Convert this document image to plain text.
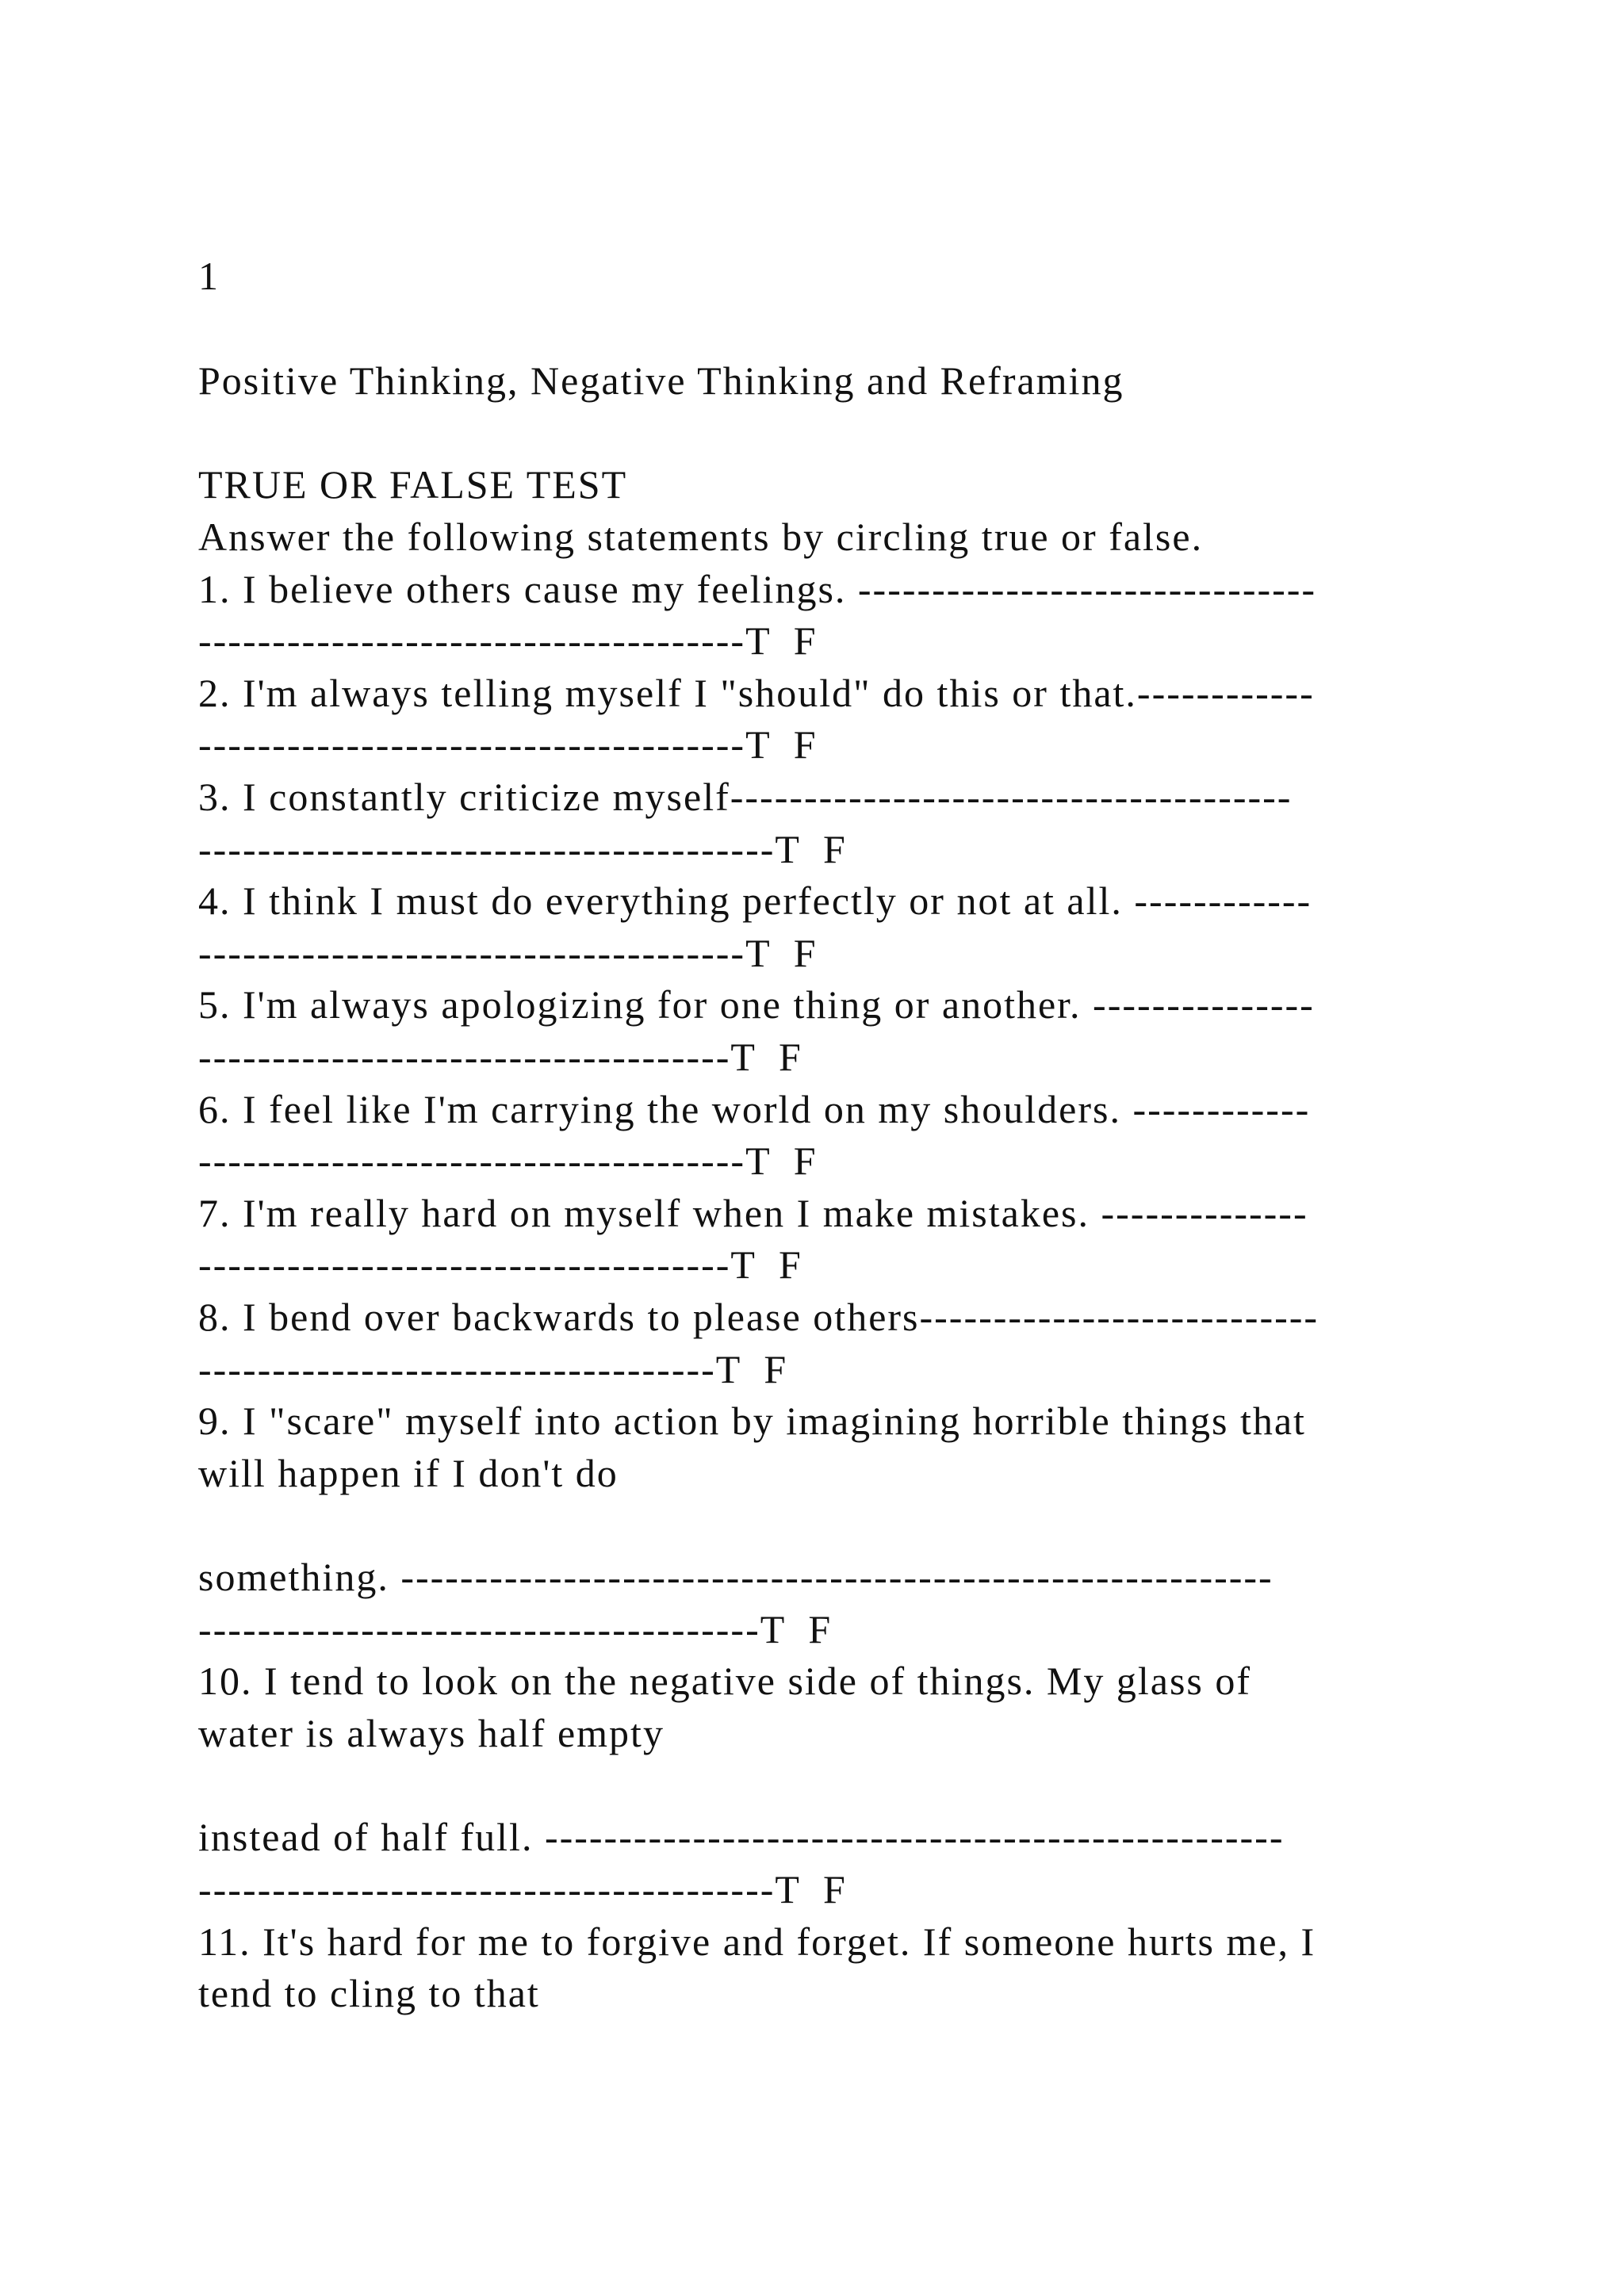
1
Positive Thinking, Negative Thinking and Reframing
TRUE OR FALSE TEST
Answer the following statements by circling true or false.
1. I believe others cause my feelings. -------------------------------
-------------------------------------T  F
2. I'm always telling myself I "should" do this or that.------------
-------------------------------------T  F
3. I constantly criticize myself--------------------------------------
---------------------------------------T  F
4. I think I must do everything perfectly or not at all. ------------
-------------------------------------T  F
5. I'm always apologizing for one thing or another. ---------------
------------------------------------T  F
6. I feel like I'm carrying the world on my shoulders. ------------
-------------------------------------T  F
7. I'm really hard on myself when I make mistakes. --------------
------------------------------------T  F
8. I bend over backwards to please others---------------------------
-----------------------------------T  F
9. I "scare" myself into action by imagining horrible things that
will happen if I don't do
something. -----------------------------------------------------------
--------------------------------------T  F
10. I tend to look on the negative side of things. My glass of
water is always half empty
instead of half full. --------------------------------------------------
---------------------------------------T  F
11. It's hard for me to forgive and forget. If someone hurts me, I
tend to cling to that
